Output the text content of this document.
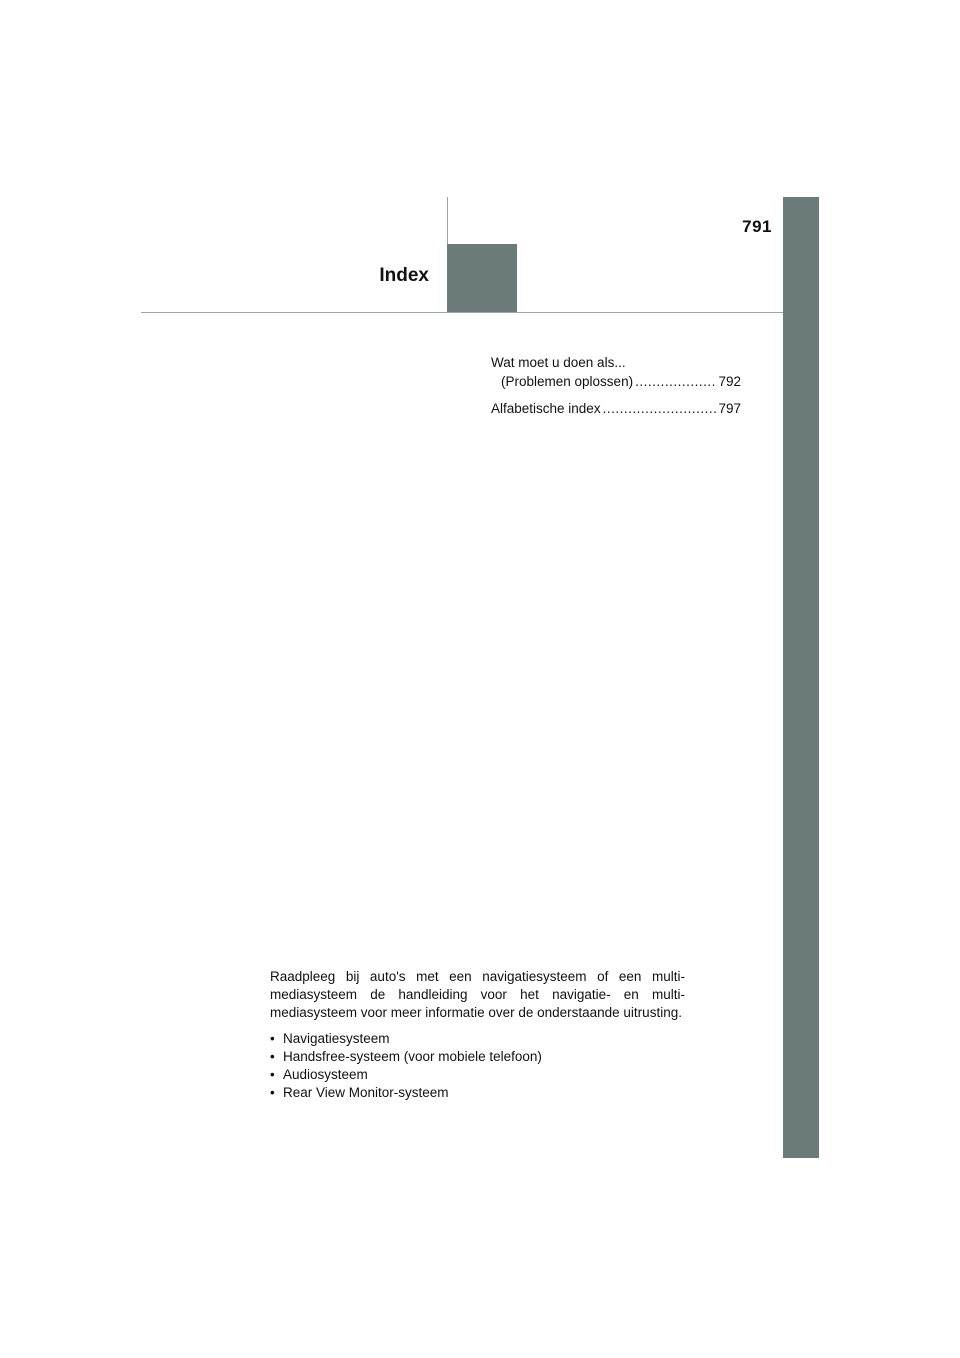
791
Index
Wat moet u doen als...
(Problemen oplossen) .....	792
Alfabetische index .....	797

Raadpleeg bij auto's met een navigatiesysteem of een multi-mediasysteem de handleiding voor het navigatie- en multi-mediasysteem voor meer informatie over de onderstaande uitrusting.

• Navigatiesysteem
• Handsfree-systeem (voor mobiele telefoon)
• Audiosysteem
• Rear View Monitor-systeem
